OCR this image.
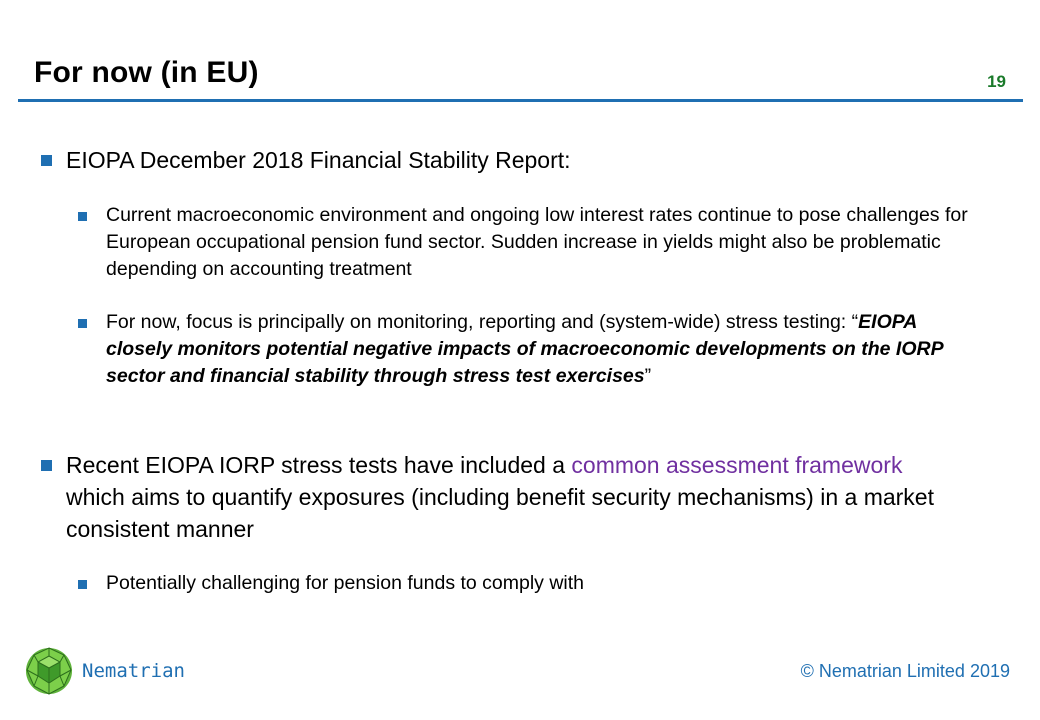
For now (in EU)	19
EIOPA December 2018 Financial Stability Report:
Current macroeconomic environment and ongoing low interest rates continue to pose challenges for European occupational pension fund sector. Sudden increase in yields might also be problematic depending on accounting treatment
For now, focus is principally on monitoring, reporting and (system-wide) stress testing: “EIOPA closely monitors potential negative impacts of macroeconomic developments on the IORP sector and financial stability through stress test exercises”
Recent EIOPA IORP stress tests have included a common assessment framework which aims to quantify exposures (including benefit security mechanisms) in a market consistent manner
Potentially challenging for pension funds to comply with
Nematrian	© Nematrian Limited 2019
